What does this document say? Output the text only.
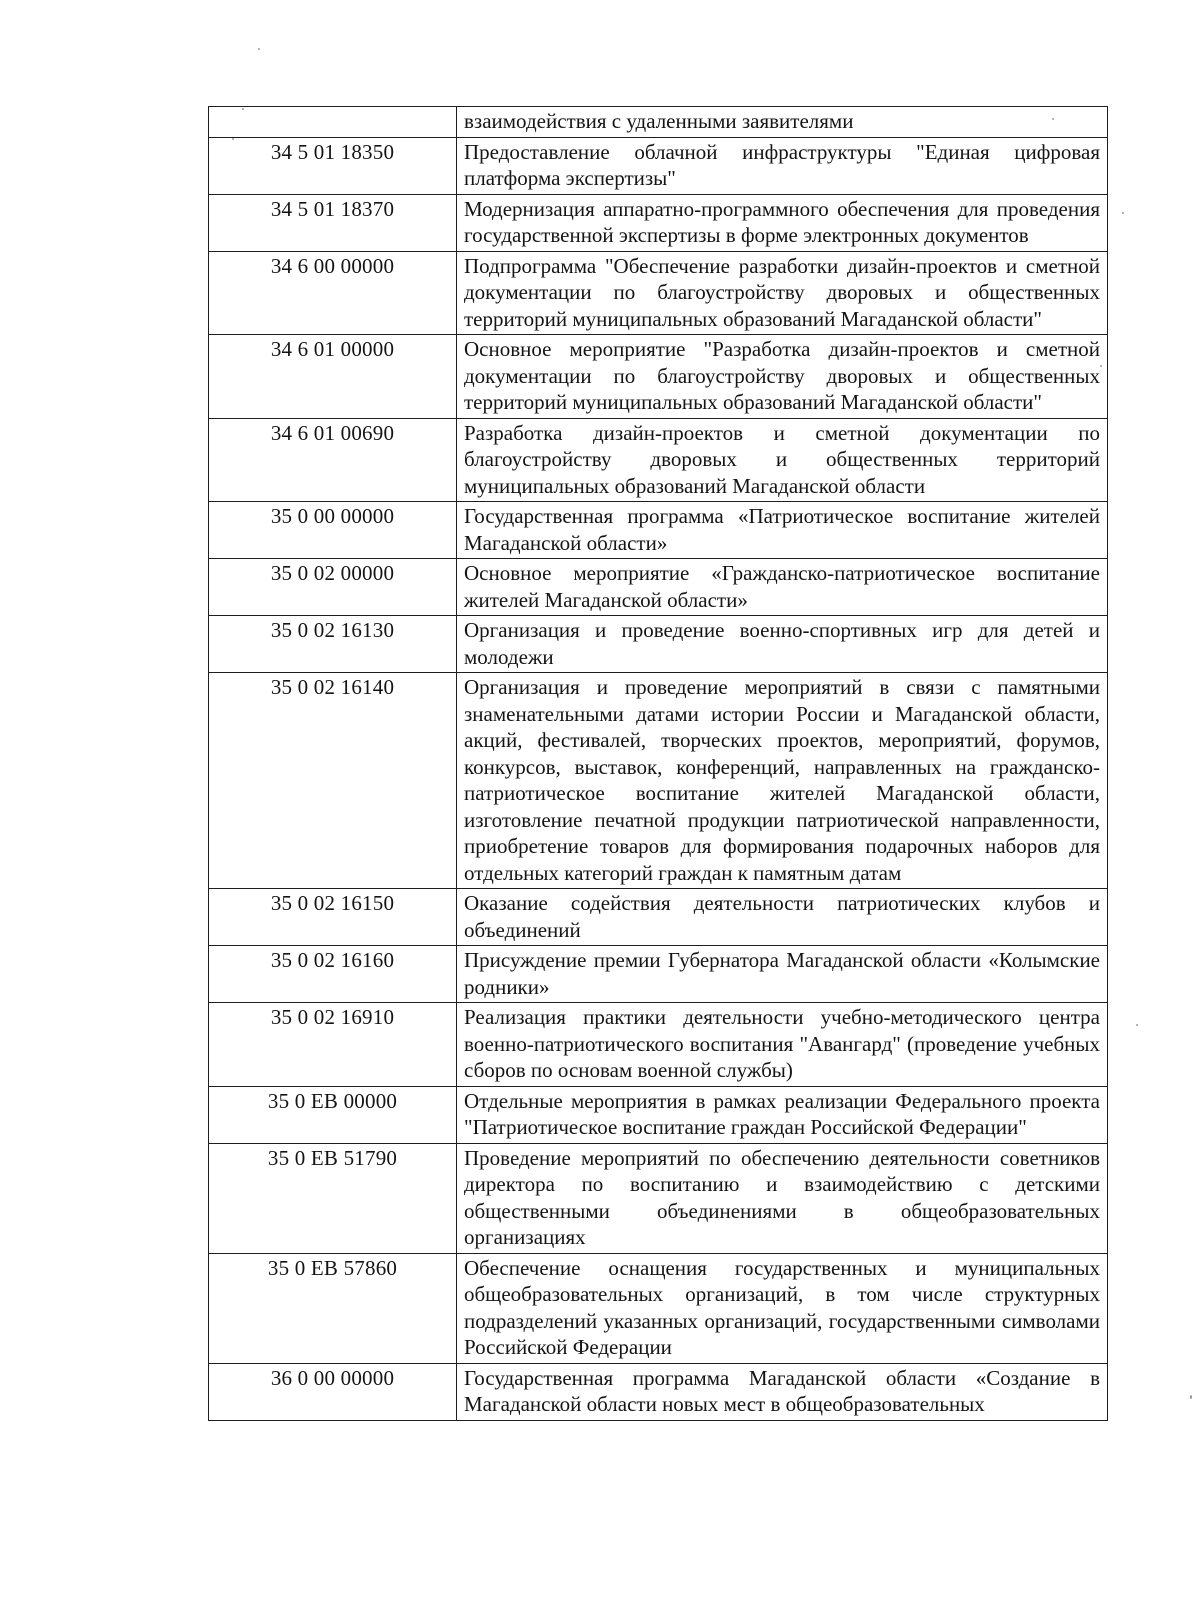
	взаимодействия с удаленными заявителями
34 5 01 18350	Предоставление облачной инфраструктуры "Единая цифровая платформа экспертизы"
34 5 01 18370	Модернизация аппаратно-программного обеспечения для проведения государственной экспертизы в форме электронных документов
34 6 00 00000	Подпрограмма "Обеспечение разработки дизайн-проектов и сметной документации по благоустройству дворовых и общественных территорий муниципальных образований Магаданской области"
34 6 01 00000	Основное мероприятие "Разработка дизайн-проектов и сметной документации по благоустройству дворовых и общественных территорий муниципальных образований Магаданской области"
34 6 01 00690	Разработка дизайн-проектов и сметной документации по благоустройству дворовых и общественных территорий муниципальных образований Магаданской области
35 0 00 00000	Государственная программа «Патриотическое воспитание жителей Магаданской области»
35 0 02 00000	Основное мероприятие «Гражданско-патриотическое воспитание жителей Магаданской области»
35 0 02 16130	Организация и проведение военно-спортивных игр для детей и молодежи
35 0 02 16140	Организация и проведение мероприятий в связи с памятными знаменательными датами истории России и Магаданской области, акций, фестивалей, творческих проектов, мероприятий, форумов, конкурсов, выставок, конференций, направленных на гражданско-патриотическое воспитание жителей Магаданской области, изготовление печатной продукции патриотической направленности, приобретение товаров для формирования подарочных наборов для отдельных категорий граждан к памятным датам
35 0 02 16150	Оказание содействия деятельности патриотических клубов и объединений
35 0 02 16160	Присуждение премии Губернатора Магаданской области «Колымские родники»
35 0 02 16910	Реализация практики деятельности учебно-методического центра военно-патриотического воспитания "Авангард" (проведение учебных сборов по основам военной службы)
35 0 EB 00000	Отдельные мероприятия в рамках реализации Федерального проекта "Патриотическое воспитание граждан Российской Федерации"
35 0 EB 51790	Проведение мероприятий по обеспечению деятельности советников директора по воспитанию и взаимодействию с детскими общественными объединениями в общеобразовательных организациях
35 0 EB 57860	Обеспечение оснащения государственных и муниципальных общеобразовательных организаций, в том числе структурных подразделений указанных организаций, государственными символами Российской Федерации
36 0 00 00000	Государственная программа Магаданской области «Создание в Магаданской области новых мест в общеобразовательных
